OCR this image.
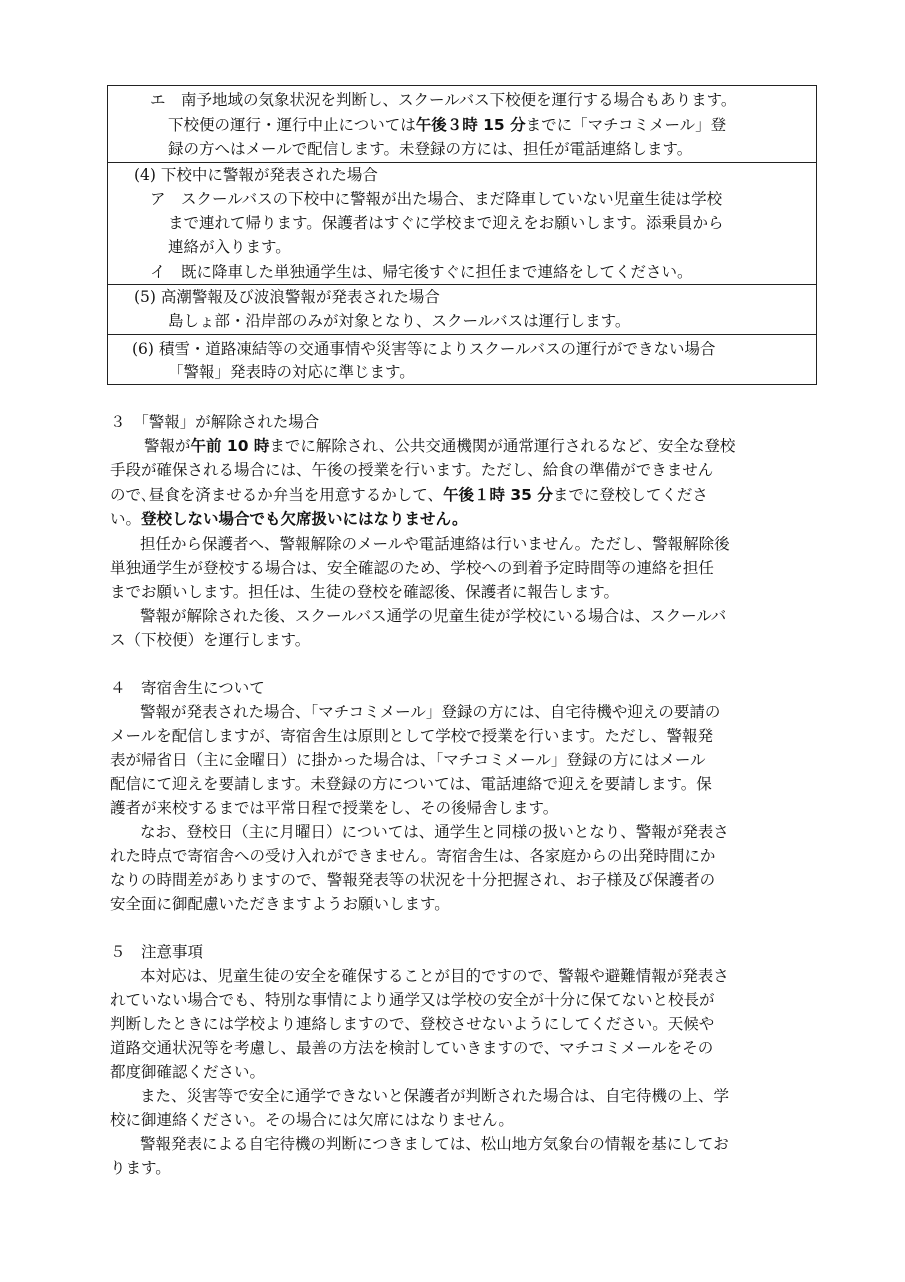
エ　南予地域の気象状況を判断し、スクールバス下校便を運行する場合もあります。
下校便の運行・運行中止については午後３時 15 分までに「マチコミメール」登
録の方へはメールで配信します。未登録の方には、担任が電話連絡します。
(4) 下校中に警報が発表された場合
ア　スクールバスの下校中に警報が出た場合、まだ降車していない児童生徒は学校
まで連れて帰ります。保護者はすぐに学校まで迎えをお願いします。添乗員から
連絡が入ります。
イ　既に降車した単独通学生は、帰宅後すぐに担任まで連絡をしてください。
(5) 高潮警報及び波浪警報が発表された場合
島しょ部・沿岸部のみが対象となり、スクールバスは運行します。
(6) 積雪・道路凍結等の交通事情や災害等によりスクールバスの運行ができない場合
「警報」発表時の対応に準じます。
３　「警報」が解除された場合
警報が午前 10 時までに解除され、公共交通機関が通常運行されるなど、安全な登校
手段が確保される場合には、午後の授業を行います。ただし、給食の準備ができません
ので､昼食を済ませるか弁当を用意するかして、午後１時 35 分までに登校してくださ
い。登校しない場合でも欠席扱いにはなりません。
担任から保護者へ、警報解除のメールや電話連絡は行いません。ただし、警報解除後
単独通学生が登校する場合は、安全確認のため、学校への到着予定時間等の連絡を担任
までお願いします。担任は、生徒の登校を確認後、保護者に報告します。
警報が解除された後、スクールバス通学の児童生徒が学校にいる場合は、スクールバ
ス（下校便）を運行します。
４　寄宿舎生について
警報が発表された場合、「マチコミメール」登録の方には、自宅待機や迎えの要請の
メールを配信しますが、寄宿舎生は原則として学校で授業を行います。ただし、警報発
表が帰省日（主に金曜日）に掛かった場合は、「マチコミメール」登録の方にはメール
配信にて迎えを要請します。未登録の方については、電話連絡で迎えを要請します。保
護者が来校するまでは平常日程で授業をし、その後帰舎します。
なお、登校日（主に月曜日）については、通学生と同様の扱いとなり、警報が発表さ
れた時点で寄宿舎への受け入れができません。寄宿舎生は、各家庭からの出発時間にか
なりの時間差がありますので、警報発表等の状況を十分把握され、お子様及び保護者の
安全面に御配慮いただきますようお願いします。
５　注意事項
本対応は、児童生徒の安全を確保することが目的ですので、警報や避難情報が発表さ
れていない場合でも、特別な事情により通学又は学校の安全が十分に保てないと校長が
判断したときには学校より連絡しますので、登校させないようにしてください。天候や
道路交通状況等を考慮し、最善の方法を検討していきますので、マチコミメールをその
都度御確認ください。
また、災害等で安全に通学できないと保護者が判断された場合は、自宅待機の上、学
校に御連絡ください。その場合には欠席にはなりません。
警報発表による自宅待機の判断につきましては、松山地方気象台の情報を基にしてお
ります。
